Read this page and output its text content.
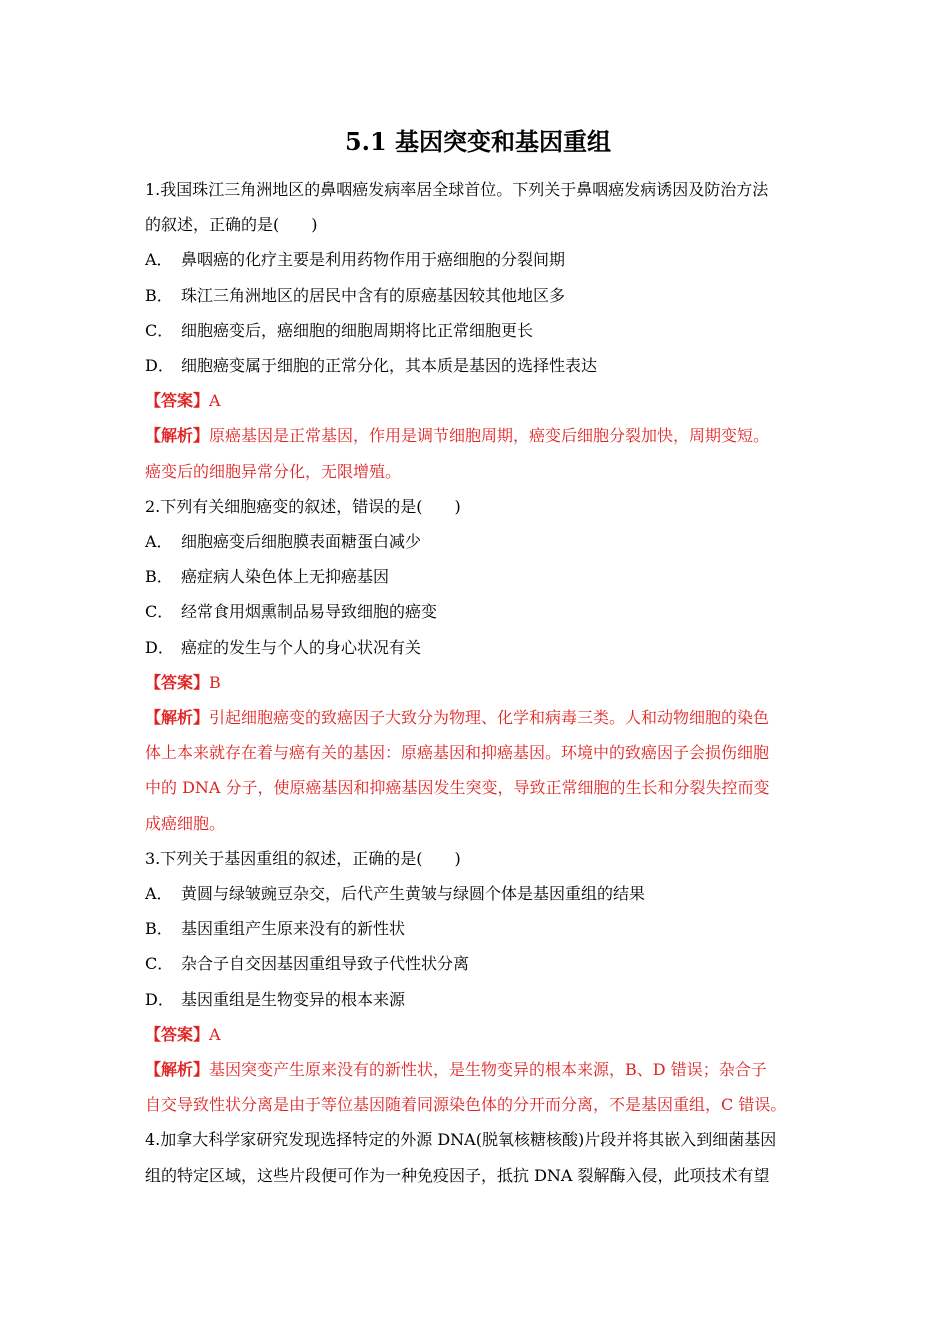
5.1 基因突变和基因重组
1.我国珠江三角洲地区的鼻咽癌发病率居全球首位。下列关于鼻咽癌发病诱因及防治方法
的叙述，正确的是(　　)
A． 鼻咽癌的化疗主要是利用药物作用于癌细胞的分裂间期
B． 珠江三角洲地区的居民中含有的原癌基因较其他地区多
C． 细胞癌变后，癌细胞的细胞周期将比正常细胞更长
D． 细胞癌变属于细胞的正常分化，其本质是基因的选择性表达
【答案】A
【解析】原癌基因是正常基因，作用是调节细胞周期，癌变后细胞分裂加快，周期变短。
癌变后的细胞异常分化，无限增殖。
2.下列有关细胞癌变的叙述，错误的是(　　)
A． 细胞癌变后细胞膜表面糖蛋白减少
B． 癌症病人染色体上无抑癌基因
C． 经常食用烟熏制品易导致细胞的癌变
D． 癌症的发生与个人的身心状况有关
【答案】B
【解析】引起细胞癌变的致癌因子大致分为物理、化学和病毒三类。人和动物细胞的染色
体上本来就存在着与癌有关的基因：原癌基因和抑癌基因。环境中的致癌因子会损伤细胞
中的 DNA 分子，使原癌基因和抑癌基因发生突变，导致正常细胞的生长和分裂失控而变
成癌细胞。
3.下列关于基因重组的叙述，正确的是(　　)
A． 黄圆与绿皱豌豆杂交，后代产生黄皱与绿圆个体是基因重组的结果
B． 基因重组产生原来没有的新性状
C． 杂合子自交因基因重组导致子代性状分离
D． 基因重组是生物变异的根本来源
【答案】A
【解析】基因突变产生原来没有的新性状，是生物变异的根本来源，B、D 错误；杂合子
自交导致性状分离是由于等位基因随着同源染色体的分开而分离，不是基因重组，C 错误。
4.加拿大科学家研究发现选择特定的外源 DNA(脱氧核糖核酸)片段并将其嵌入到细菌基因
组的特定区域，这些片段便可作为一种免疫因子，抵抗 DNA 裂解酶入侵，此项技术有望
